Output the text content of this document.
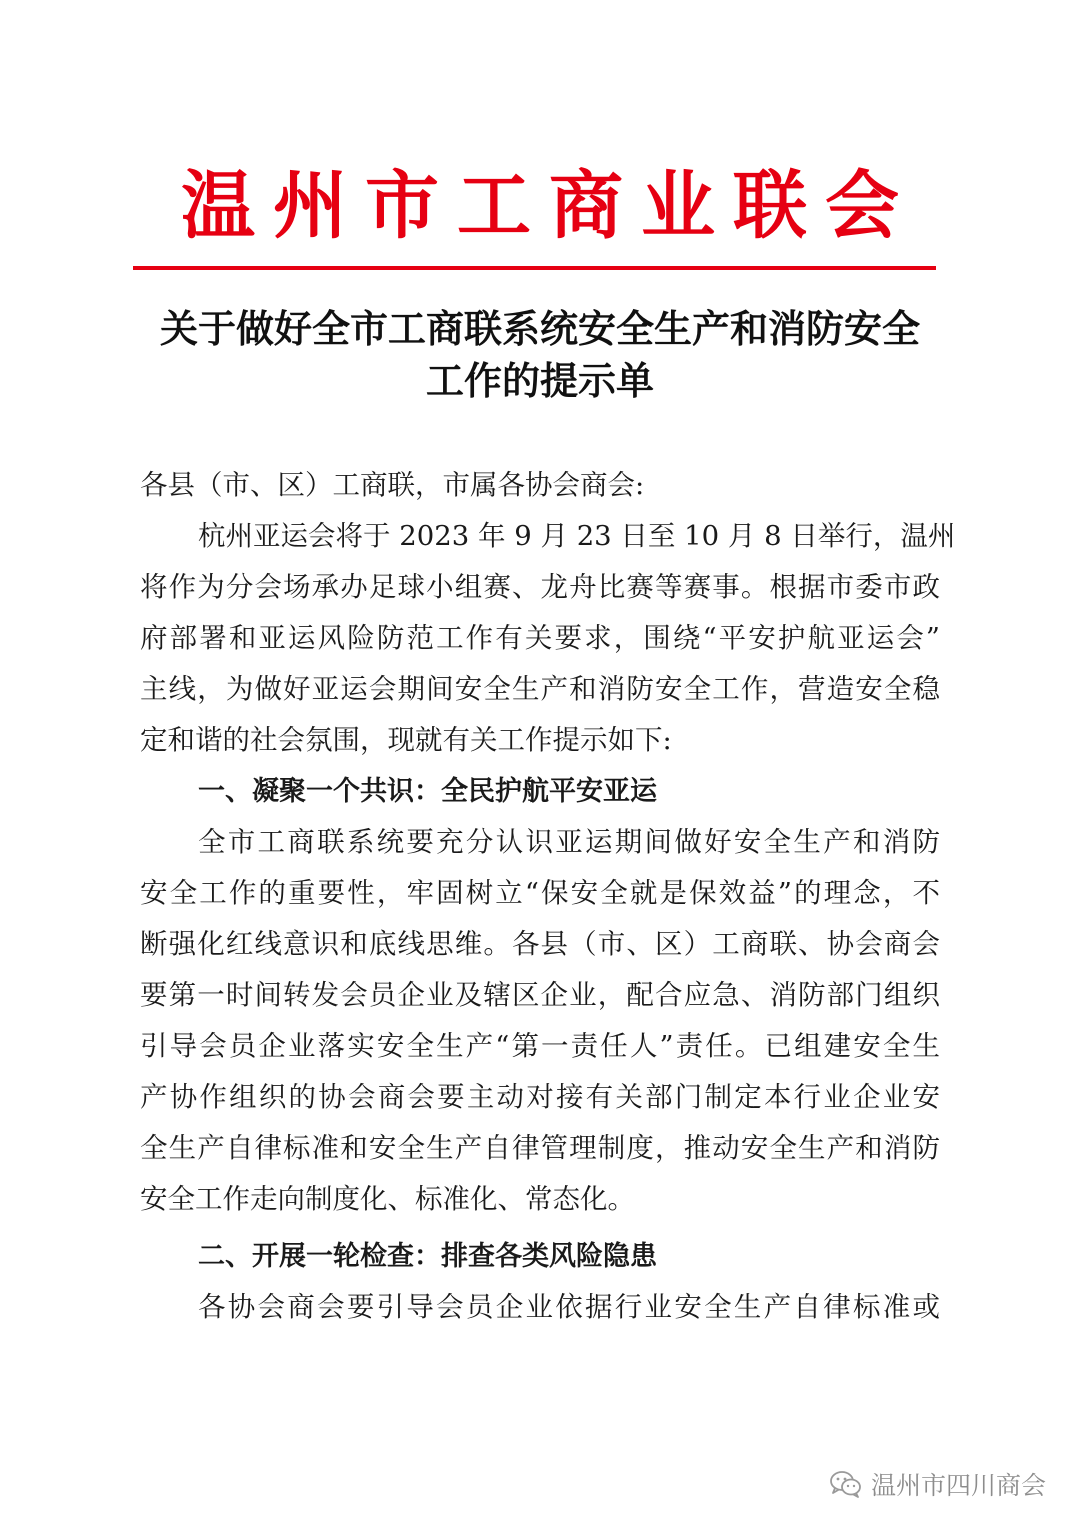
温州市工商业联会
关于做好全市工商联系统安全生产和消防安全
工作的提示单
各县（市、区）工商联，市属各协会商会:
杭州亚运会将于 2023 年 9 月 23 日至 10 月 8 日举行，温州
将作为分会场承办足球小组赛、龙舟比赛等赛事。根据市委市政
府部署和亚运风险防范工作有关要求，围绕“平安护航亚运会”
主线，为做好亚运会期间安全生产和消防安全工作，营造安全稳
定和谐的社会氛围，现就有关工作提示如下:
一、凝聚一个共识：全民护航平安亚运
全市工商联系统要充分认识亚运期间做好安全生产和消防
安全工作的重要性，牢固树立“保安全就是保效益”的理念，不
断强化红线意识和底线思维。各县（市、区）工商联、协会商会
要第一时间转发会员企业及辖区企业，配合应急、消防部门组织
引导会员企业落实安全生产“第一责任人”责任。已组建安全生
产协作组织的协会商会要主动对接有关部门制定本行业企业安
全生产自律标准和安全生产自律管理制度，推动安全生产和消防
安全工作走向制度化、标准化、常态化。
二、开展一轮检查：排查各类风险隐患
各协会商会要引导会员企业依据行业安全生产自律标准或
温州市四川商会
